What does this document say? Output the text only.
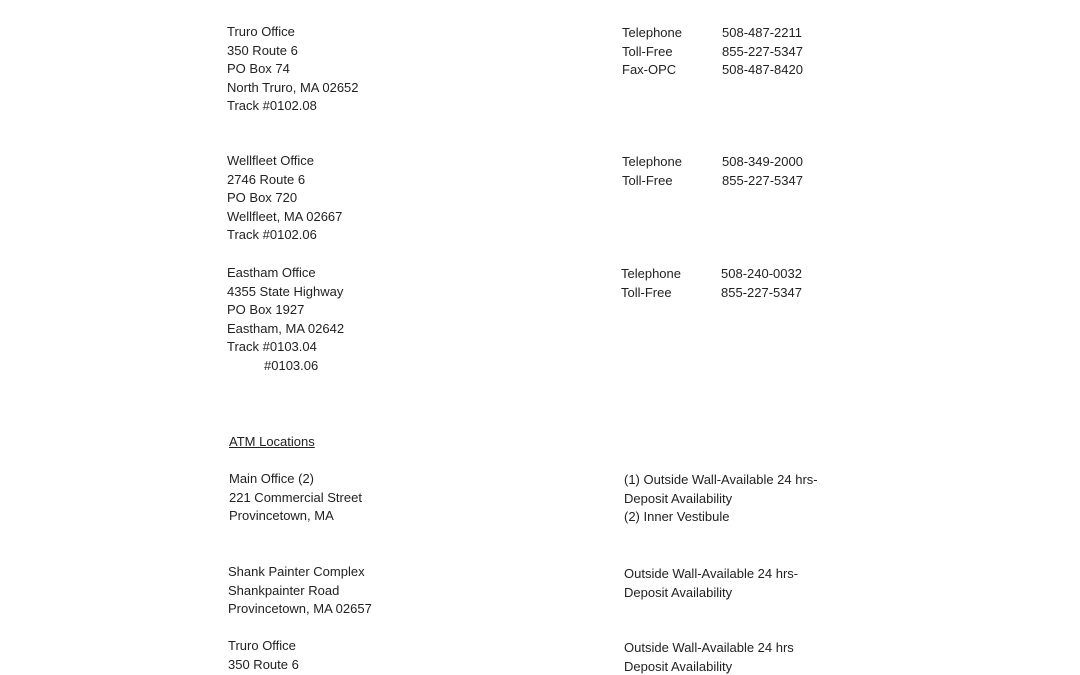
Truro Office
350 Route 6
PO Box 74
North Truro, MA 02652
Track #0102.08
Telephone	508-487-2211
Toll-Free	855-227-5347
Fax-OPC	508-487-8420
Wellfleet Office
2746 Route 6
PO Box 720
Wellfleet, MA 02667
Track #0102.06
Telephone	508-349-2000
Toll-Free	855-227-5347
Eastham Office
4355 State Highway
PO Box 1927
Eastham, MA 02642
Track #0103.04
#0103.06
Telephone	508-240-0032
Toll-Free	855-227-5347
ATM Locations
Main Office (2)
221 Commercial Street
Provincetown, MA
(1) Outside Wall-Available 24 hrs-
Deposit Availability
(2) Inner Vestibule
Shank Painter Complex
Shankpainter Road
Provincetown, MA 02657
Outside Wall-Available 24 hrs-
Deposit Availability
Truro Office
350 Route 6
Outside Wall-Available 24 hrs
Deposit Availability
